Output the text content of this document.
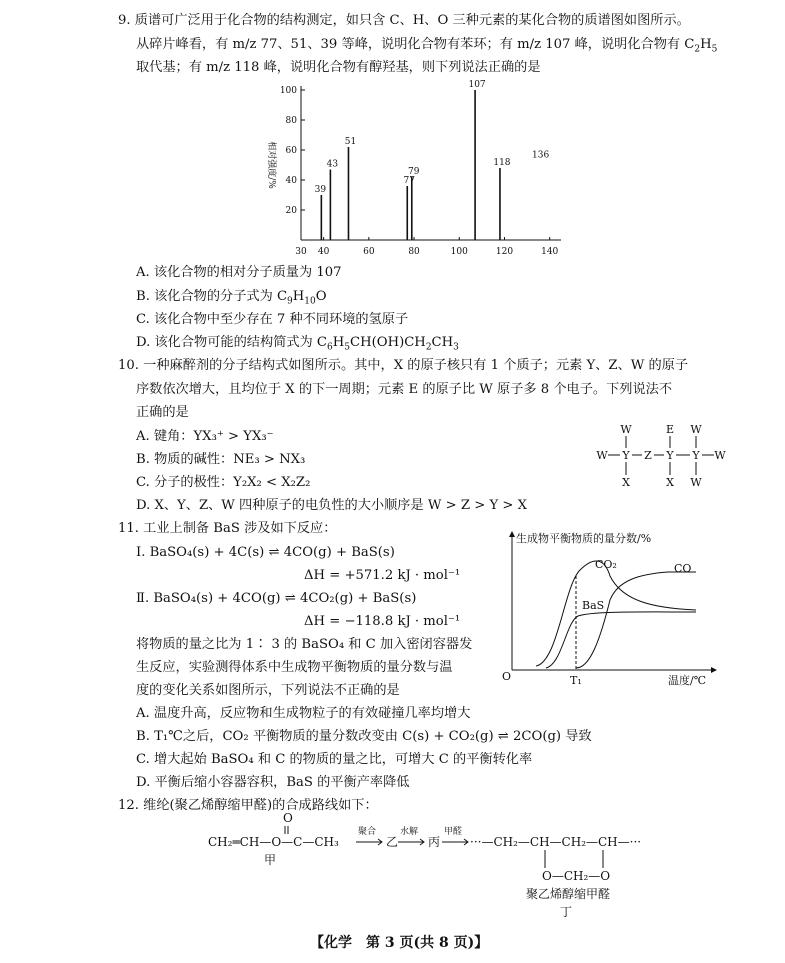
9. 质谱可广泛用于化合物的结构测定，如只含 C、H、O 三种元素的某化合物的质谱图如图所示。
从碎片峰看，有 m/z 77、51、39 等峰，说明化合物有苯环；有 m/z 107 峰，说明化合物有 $C_2H_5$
取代基；有 m/z 118 峰，说明化合物有醇羟基，则下列说法正确的是
20
40
60
80
100
30 40	60	80	100	120	140
相对强度/%
39
43
51
77
79
107
118
136
A. 该化合物的相对分子质量为 107
B. 该化合物的分子式为 $C_9H_{10}O$
C. 该化合物中至少存在 7 种不同环境的氢原子
D. 该化合物可能的结构简式为 $C_6H_5CH(OH)CH_2CH_3$
10. 一种麻醉剂的分子结构式如图所示。其中，X 的原子核只有 1 个质子；元素 Y、Z、W 的原子
序数依次增大，且均位于 X 的下一周期；元素 E 的原子比 W 原子多 8 个电子。下列说法不
正确的是
A. 键角：YX₃⁺ > YX₃⁻
B. 物质的碱性：NE₃ > NX₃
C. 分子的极性：Y₂X₂ < X₂Z₂
D. X、Y、Z、W 四种原子的电负性的大小顺序是 W > Z > Y > X
W	E W
W Y Z Y Y W
X	X W
11. 工业上制备 BaS 涉及如下反应：
Ⅰ. BaSO₄(s) + 4C(s) ⇌ 4CO(g) + BaS(s)
ΔH = +571.2 kJ · mol⁻¹
Ⅱ. BaSO₄(s) + 4CO(g) ⇌ 4CO₂(g) + BaS(s)
ΔH = −118.8 kJ · mol⁻¹
将物质的量之比为 1∶ 3 的 BaSO₄ 和 C 加入密闭容器发
生反应，实验测得体系中生成物平衡物质的量分数与温
度的变化关系如图所示，下列说法不正确的是
A. 温度升高，反应物和生成物粒子的有效碰撞几率均增大
B. T₁℃之后，CO₂ 平衡物质的量分数改变由 C(s) + CO₂(g) ⇌ 2CO(g) 导致
C. 增大起始 BaSO₄ 和 C 的物质的量之比，可增大 C 的平衡转化率
D. 平衡后缩小容器容积，BaS 的平衡产率降低
生成物平衡物质的量分数/%
O	T₁	温度/℃
CO₂	CO
BaS
12. 维纶(聚乙烯醇缩甲醛)的合成路线如下：
O
CH₂═CH—O—C—CH₃
甲
聚合
乙
水解
丙
甲醛
···—CH₂—CH—CH₂—CH—···
O—CH₂—O
聚乙烯醇缩甲醛
丁
【化学　第 3 页(共 8 页)】
